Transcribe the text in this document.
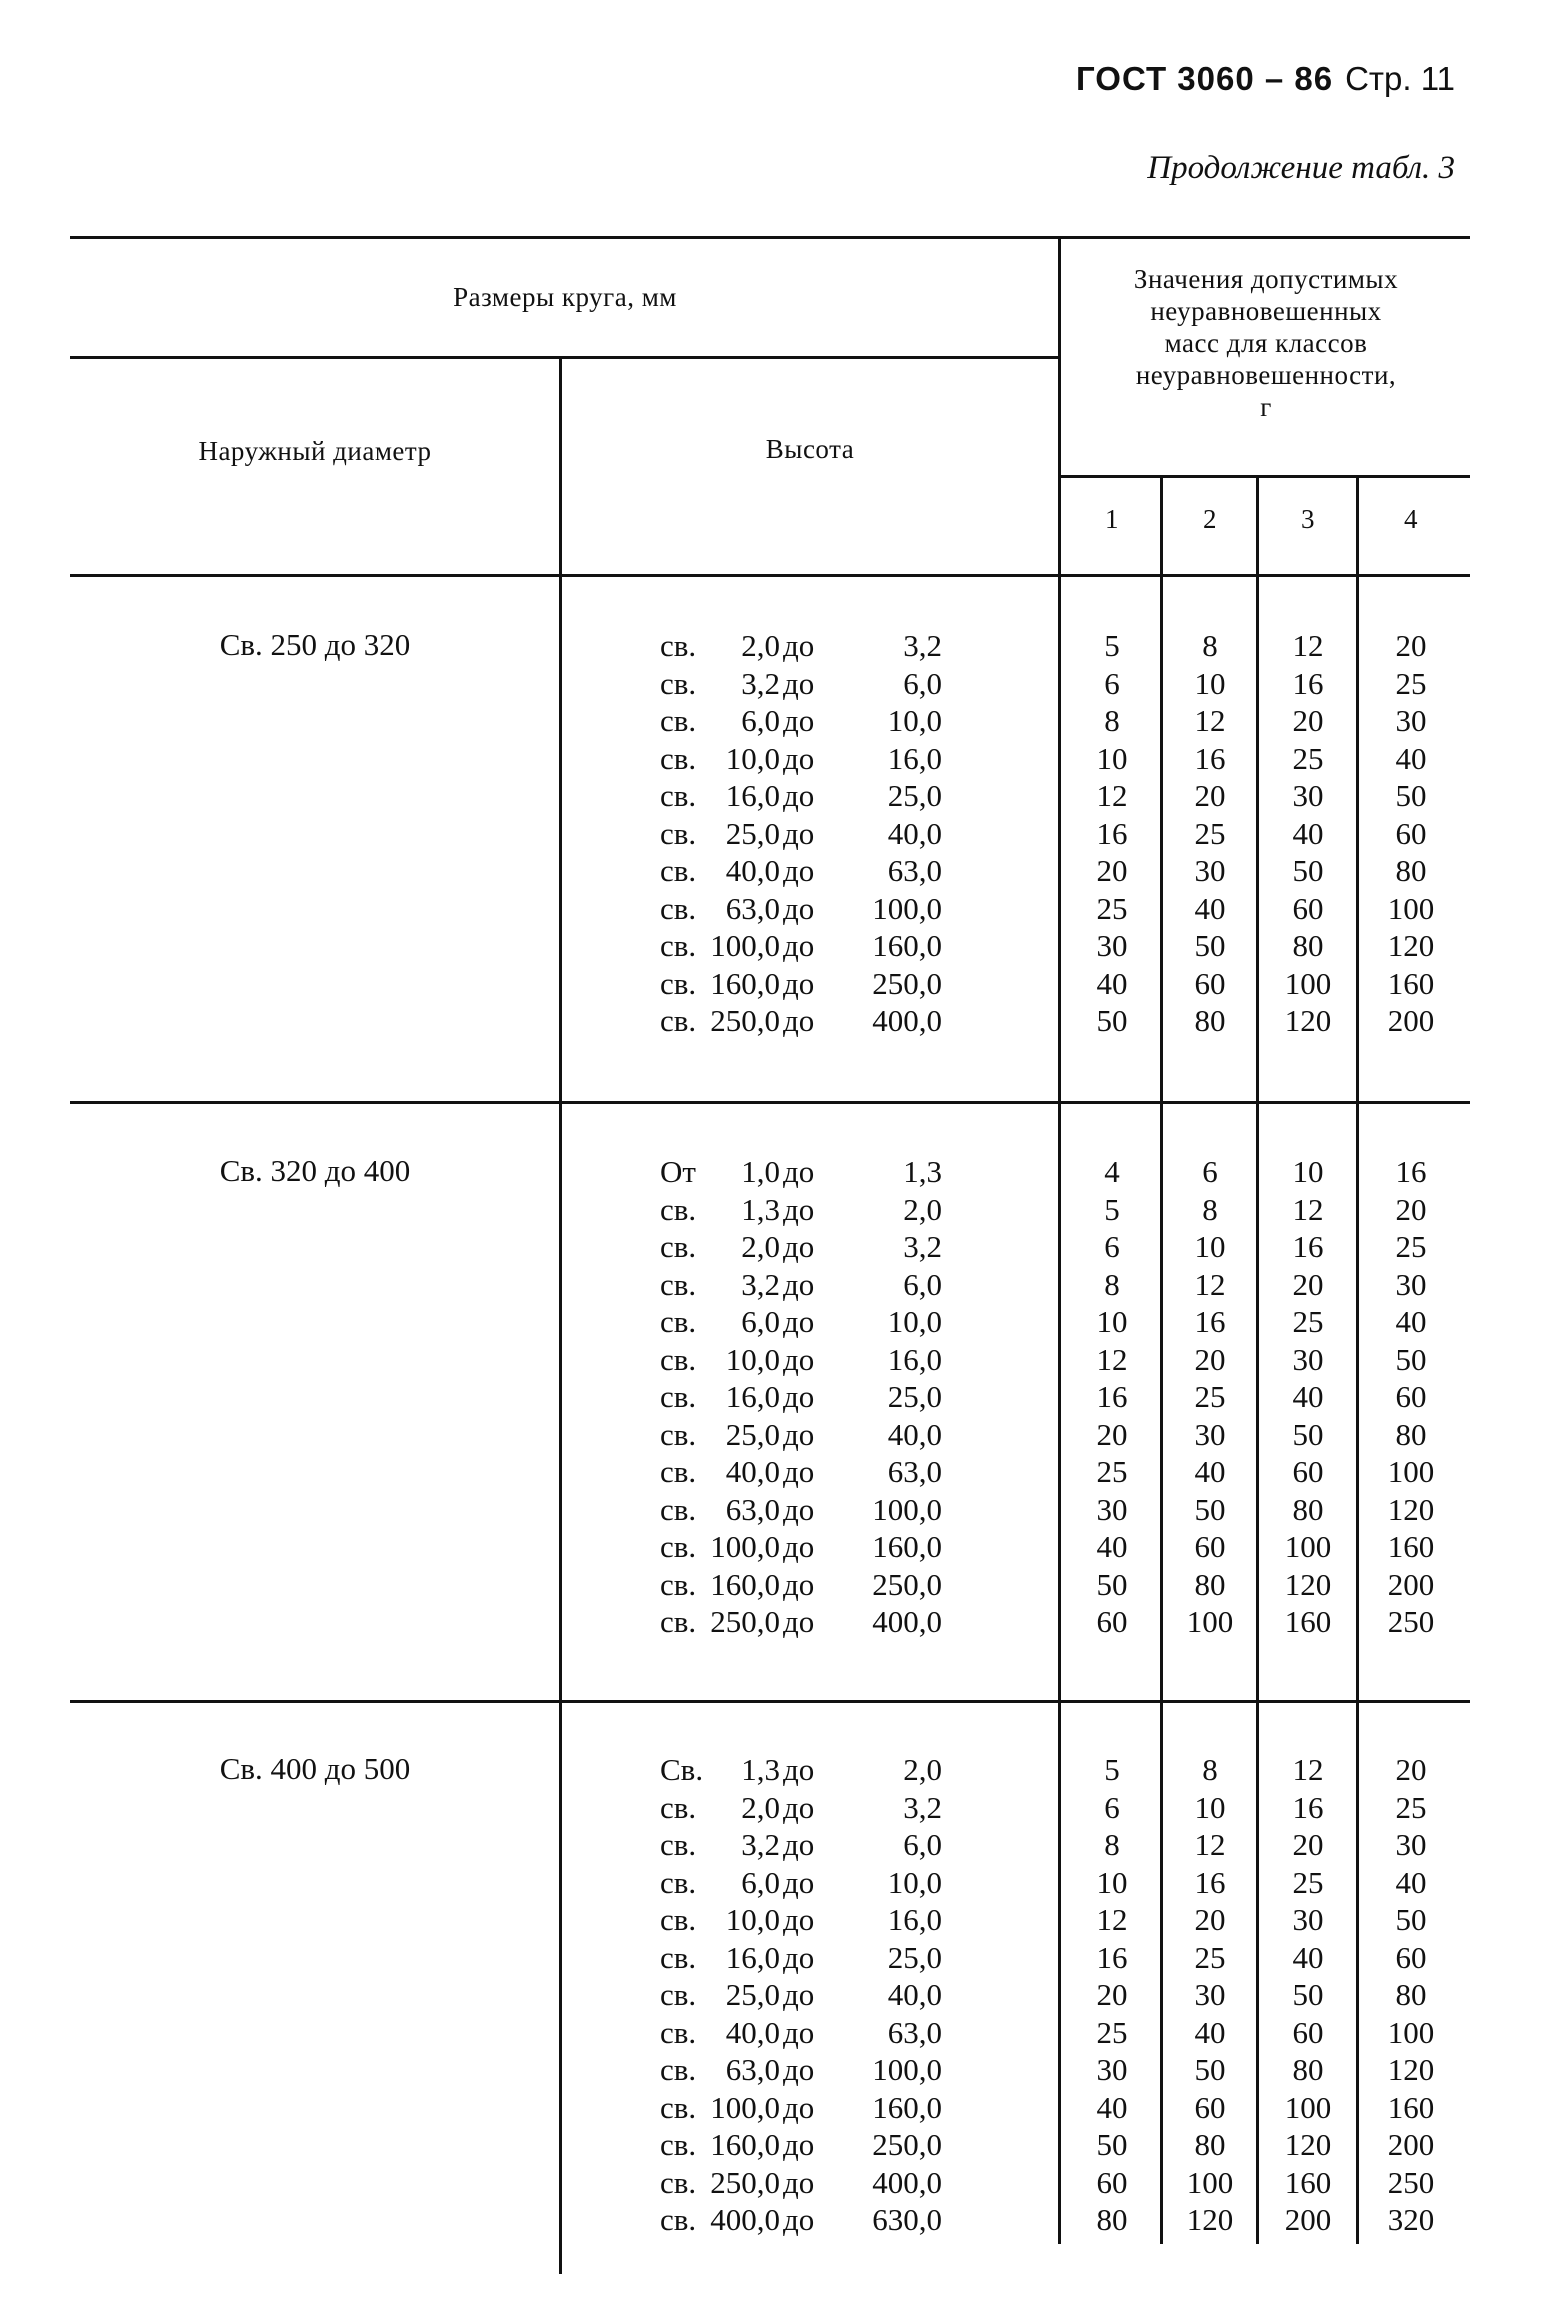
ГОСТ 3060 – 86 Стр. 11
Продолжение табл. 3
Размеры круга, мм
Наружный диаметр	Высота
Значения допустимых
неуравновешенных
масс для классов
неуравновешенности,
г
1	2	3	4
Св. 250 до 320	св. 2,0 до	3,2	5	8	12	20
св. 3,2 до	6,0	6	10	16	25
св. 6,0 до 10,0	8	12	20	30
св. 10,0 до 16,0	10	16	25	40
св. 16,0 до 25,0	12	20	30	50
св. 25,0 до 40,0	16	25	40	60
св. 40,0 до 63,0	20	30	50	80
св. 63,0 до 100,0	25	40	60	100
св. 100,0 до 160,0	30	50	80	120
св. 160,0 до 250,0	40	60	100	160
св. 250,0 до 400,0	50	80	120	200
Св. 320 до 400	От 1,0 до	1,3	4	6	10	16
св. 1,3 до	2,0	5	8	12	20
св. 2,0 до	3,2	6	10	16	25
св. 3,2 до	6,0	8	12	20	30
св. 6,0 до 10,0	10	16	25	40
св. 10,0 до 16,0	12	20	30	50
св. 16,0 до 25,0	16	25	40	60
св. 25,0 до 40,0	20	30	50	80
св. 40,0 до 63,0	25	40	60	100
св. 63,0 до 100,0	30	50	80	120
св. 100,0 до 160,0	40	60	100	160
св. 160,0 до 250,0	50	80	120	200
св. 250,0 до 400,0	60	100	160	250
Св. 400 до 500	Св. 1,3 до	2,0	5	8	12	20
св. 2,0 до	3,2	6	10	16	25
св. 3,2 до	6,0	8	12	20	30
св. 6,0 до 10,0	10	16	25	40
св. 10,0 до 16,0	12	20	30	50
св. 16,0 до 25,0	16	25	40	60
св. 25,0 до 40,0	20	30	50	80
св. 40,0 до 63,0	25	40	60	100
св. 63,0 до 100,0	30	50	80	120
св. 100,0 до 160,0	40	60	100	160
св. 160,0 до 250,0	50	80	120	200
св. 250,0 до 400,0	60	100	160	250
св. 400,0 до 630,0	80	120	200	320
